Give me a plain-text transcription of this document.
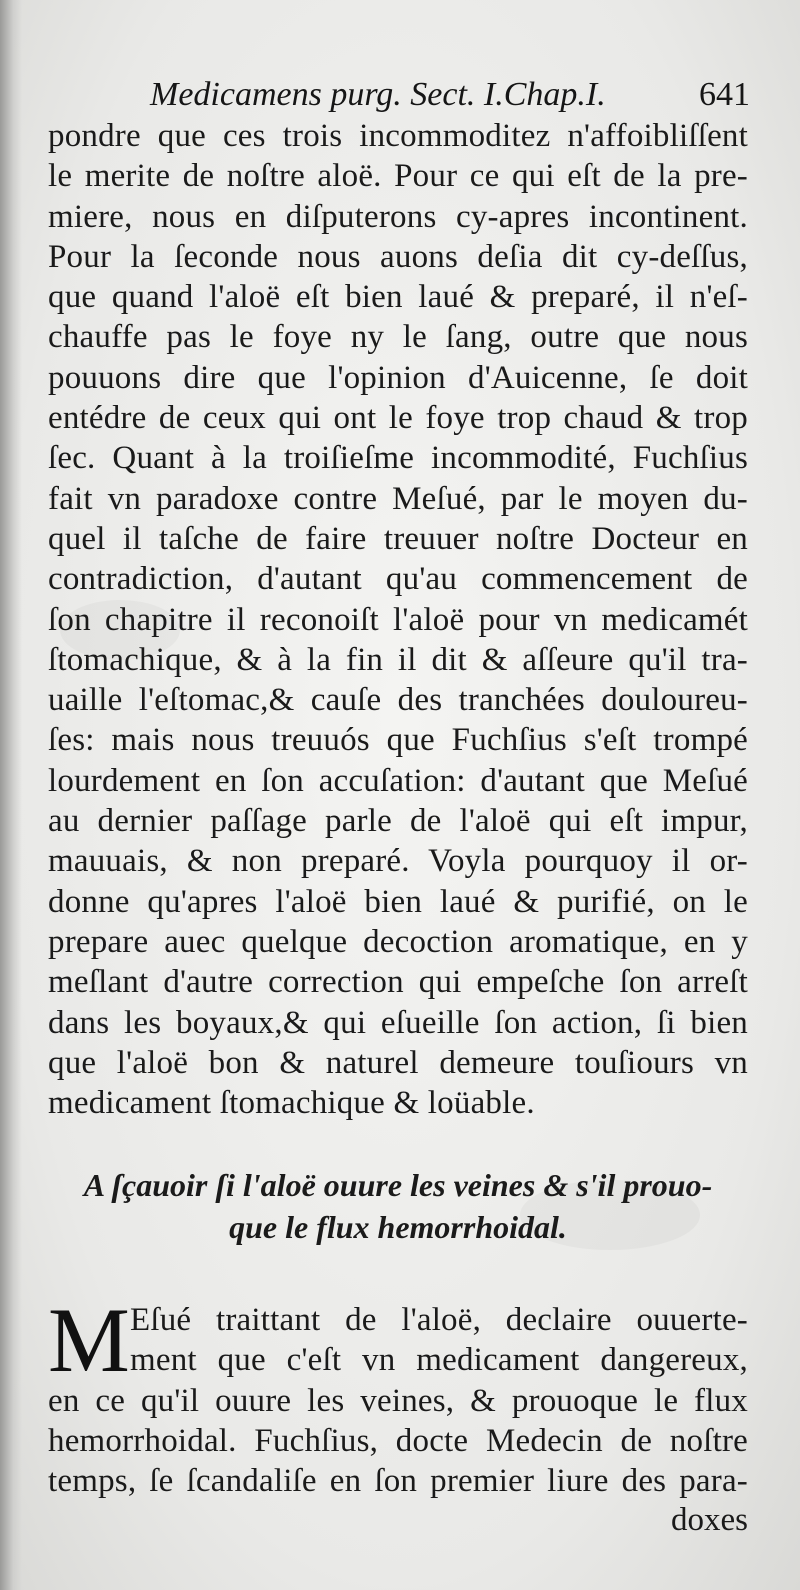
Medicamens purg. Sect. I.Chap.I.	641
pondre que ces trois incommoditez n'affoibliſſent
le merite de noſtre aloë. Pour ce qui eſt de la pre-
miere, nous en diſputerons cy-apres incontinent.
Pour la ſeconde nous auons deſia dit cy-deſſus,
que quand l'aloë eſt bien laué & preparé, il n'eſ-
chauffe pas le foye ny le ſang, outre que nous
pouuons dire que l'opinion d'Auicenne, ſe doit
entédre de ceux qui ont le foye trop chaud & trop
ſec. Quant à la troiſieſme incommodité, Fuchſius
fait vn paradoxe contre Meſué, par le moyen du-
quel il taſche de faire treuuer noſtre Docteur en
contradiction, d'autant qu'au commencement de
ſon chapitre il reconoiſt l'aloë pour vn medicamét
ſtomachique, & à la fin il dit & aſſeure qu'il tra-
uaille l'eſtomac,& cauſe des tranchées douloureu-
ſes: mais nous treuuós que Fuchſius s'eſt trompé
lourdement en ſon accuſation: d'autant que Meſué
au dernier paſſage parle de l'aloë qui eſt impur,
mauuais, & non preparé. Voyla pourquoy il or-
donne qu'apres l'aloë bien laué & purifié, on le
prepare auec quelque decoction aromatique, en y
meſlant d'autre correction qui empeſche ſon arreſt
dans les boyaux,& qui eſueille ſon action, ſi bien
que l'aloë bon & naturel demeure touſiours vn
medicament ſtomachique & loüable.
A ſçauoir ſi l'aloë ouure les veines & s'il prouo-
que le flux hemorrhoidal.
M Eſué traittant de l'aloë, declaire ouuerte-
ment que c'eſt vn medicament dangereux,
en ce qu'il ouure les veines, & prouoque le flux
hemorrhoidal. Fuchſius, docte Medecin de noſtre
temps, ſe ſcandaliſe en ſon premier liure des para-
doxes
